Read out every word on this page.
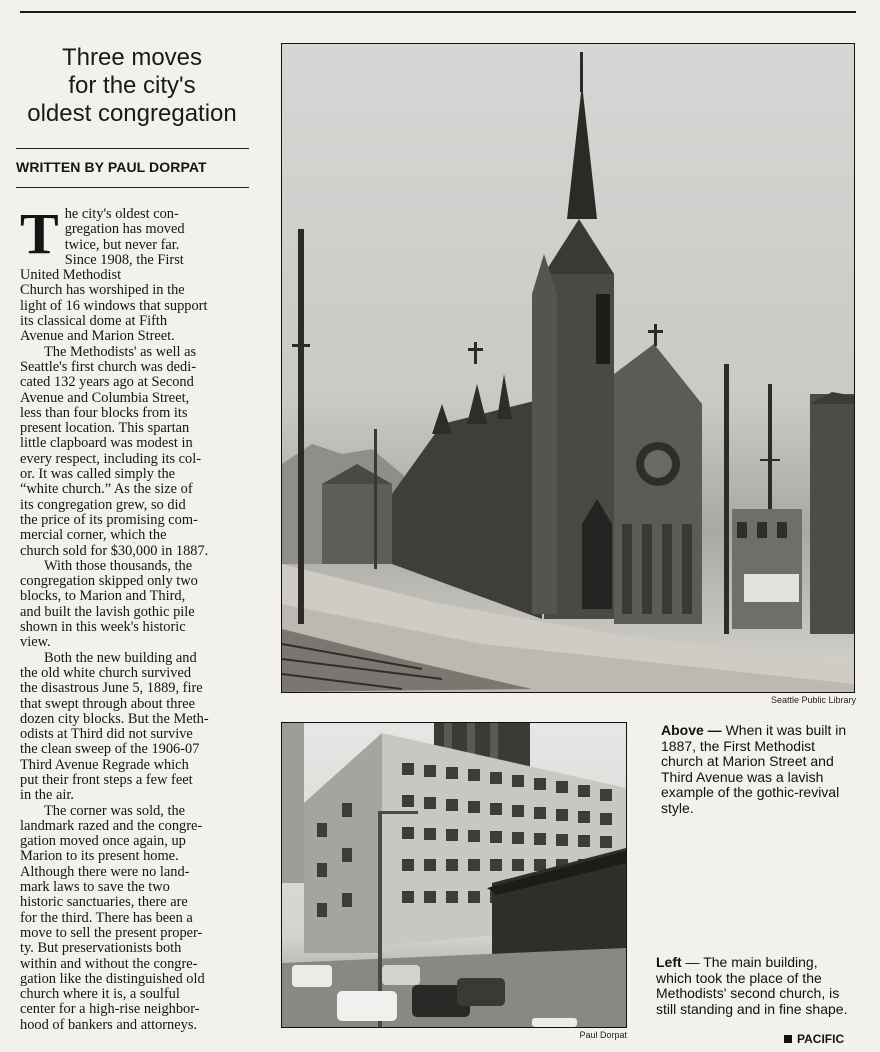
Three moves
for the city's
oldest congregation
WRITTEN BY PAUL DORPAT

T he city's oldest con-
gregation has moved
twice, but never far.
Since 1908, the First
United Methodist
Church has worshiped in the
light of 16 windows that support
its classical dome at Fifth
Avenue and Marion Street.

The Methodists' as well as
Seattle's first church was dedi-
cated 132 years ago at Second
Avenue and Columbia Street,
less than four blocks from its
present location. This spartan
little clapboard was modest in
every respect, including its col-
or. It was called simply the
“white church.” As the size of
its congregation grew, so did
the price of its promising com-
mercial corner, which the
church sold for $30,000 in 1887.

With those thousands, the
congregation skipped only two
blocks, to Marion and Third,
and built the lavish gothic pile
shown in this week's historic
view.

Both the new building and
the old white church survived
the disastrous June 5, 1889, fire
that swept through about three
dozen city blocks. But the Meth-
odists at Third did not survive
the clean sweep of the 1906-07
Third Avenue Regrade which
put their front steps a few feet
in the air.

The corner was sold, the
landmark razed and the congre-
gation moved once again, up
Marion to its present home.
Although there were no land-
mark laws to save the two
historic sanctuaries, there are
for the third. There has been a
move to sell the present proper-
ty. But preservationists both
within and without the congre-
gation like the distinguished old
church where it is, a soulful
center for a high-rise neighbor-
hood of bankers and attorneys.

Seattle Public Library
Paul Dorpat
Above — When it was built in 1887, the First Methodist church at Marion Street and Third Avenue was a lavish example of the gothic-revival style.
Left — The main building, which took the place of the Methodists' second church, is still standing and in fine shape.
PACIFIC
